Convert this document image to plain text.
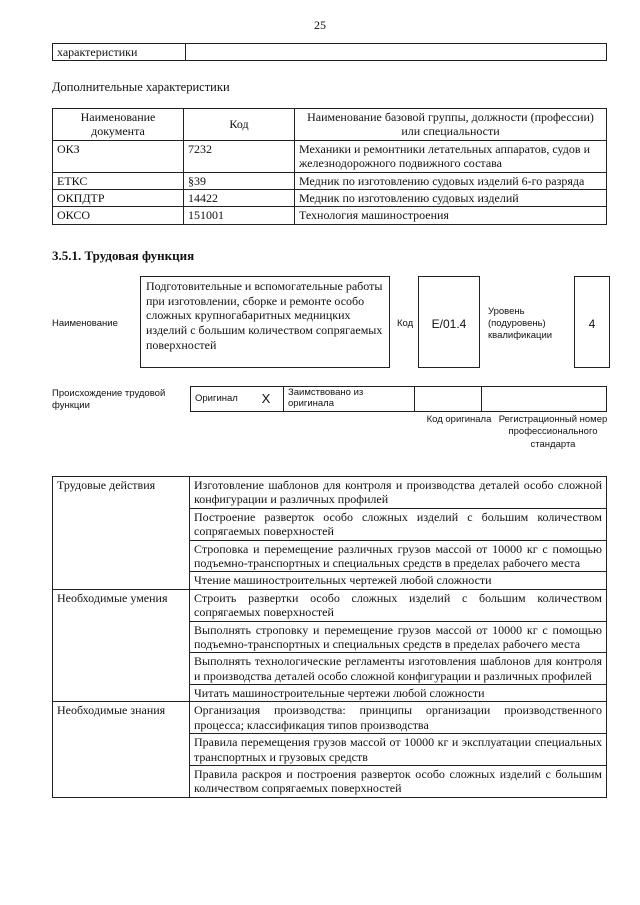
25
характеристики	
Дополнительные характеристики
Наименование документа	Код	Наименование базовой группы, должности (профессии) или специальности
ОКЗ	7232	Механики и ремонтники летательных аппаратов, судов и железнодорожного подвижного состава
ЕТКС	§39	Медник по изготовлению судовых изделий 6-го разряда
ОКПДТР	14422	Медник по изготовлению судовых изделий
ОКСО	151001	Технология машиностроения
3.5.1. Трудовая функция
Наименование
Подготовительные и вспомогательные работы при изготовлении, сборке и ремонте особо сложных крупногабаритных медницких изделий с большим количеством сопрягаемых поверхностей
Код	E/01.4
Уровень (подуровень) квалификации
4
Происхождение трудовой функции
Оригинал	X	Заимствовано из оригинала		
Код оригинала Регистрационный номер профессионального стандарта
Трудовые действия	Изготовление шаблонов для контроля и производства деталей особо сложной конфигурации и различных профилей
	Построение разверток особо сложных изделий с большим количеством сопрягаемых поверхностей
	Строповка и перемещение различных грузов массой от 10000 кг с помощью подъемно-транспортных и специальных средств в пределах рабочего места
	Чтение машиностроительных чертежей любой сложности
Необходимые умения	Строить развертки особо сложных изделий с большим количеством сопрягаемых поверхностей
	Выполнять строповку и перемещение грузов массой от 10000 кг с помощью подъемно-транспортных и специальных средств в пределах рабочего места
	Выполнять технологические регламенты изготовления шаблонов для контроля и производства деталей особо сложной конфигурации и различных профилей
	Читать машиностроительные чертежи любой сложности
Необходимые знания	Организация производства: принципы организации производственного процесса; классификация типов производства
	Правила перемещения грузов массой от 10000 кг и эксплуатации специальных транспортных и грузовых средств
	Правила раскроя и построения разверток особо сложных изделий с большим количеством сопрягаемых поверхностей
